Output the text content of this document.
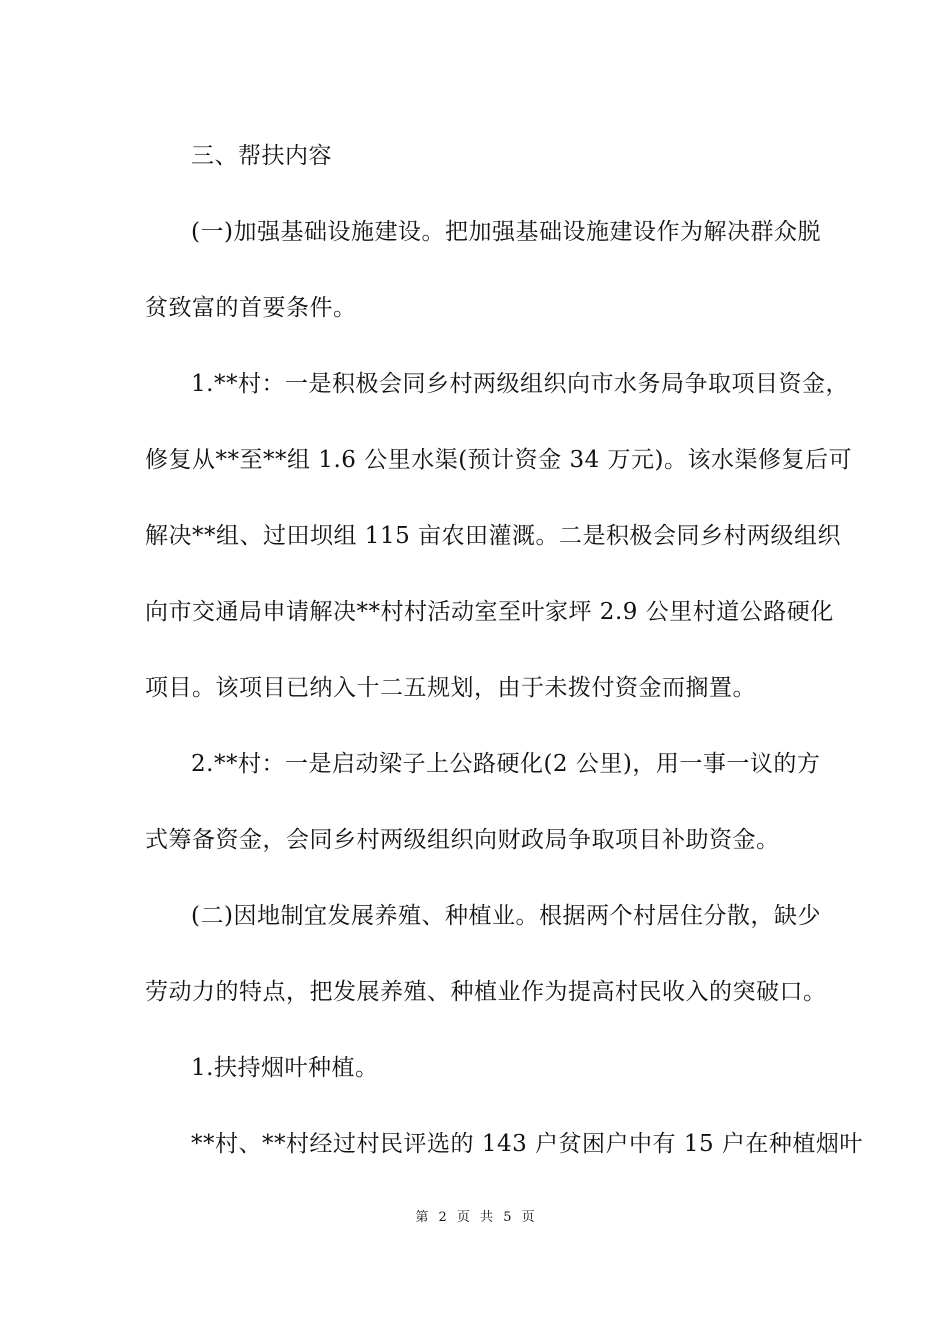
三、帮扶内容
(一)加强基础设施建设。把加强基础设施建设作为解决群众脱
贫致富的首要条件。
1.**村：一是积极会同乡村两级组织向市水务局争取项目资金，
修复从**至**组 1.6 公里水渠(预计资金 34 万元)。该水渠修复后可
解决**组、过田坝组 115 亩农田灌溉。二是积极会同乡村两级组织
向市交通局申请解决**村村活动室至叶家坪 2.9 公里村道公路硬化
项目。该项目已纳入十二五规划，由于未拨付资金而搁置。
2.**村：一是启动梁子上公路硬化(2 公里)，用一事一议的方
式筹备资金，会同乡村两级组织向财政局争取项目补助资金。
(二)因地制宜发展养殖、种植业。根据两个村居住分散，缺少
劳动力的特点，把发展养殖、种植业作为提高村民收入的突破口。
1.扶持烟叶种植。
**村、**村经过村民评选的 143 户贫困户中有 15 户在种植烟叶
第 2 页 共 5 页
